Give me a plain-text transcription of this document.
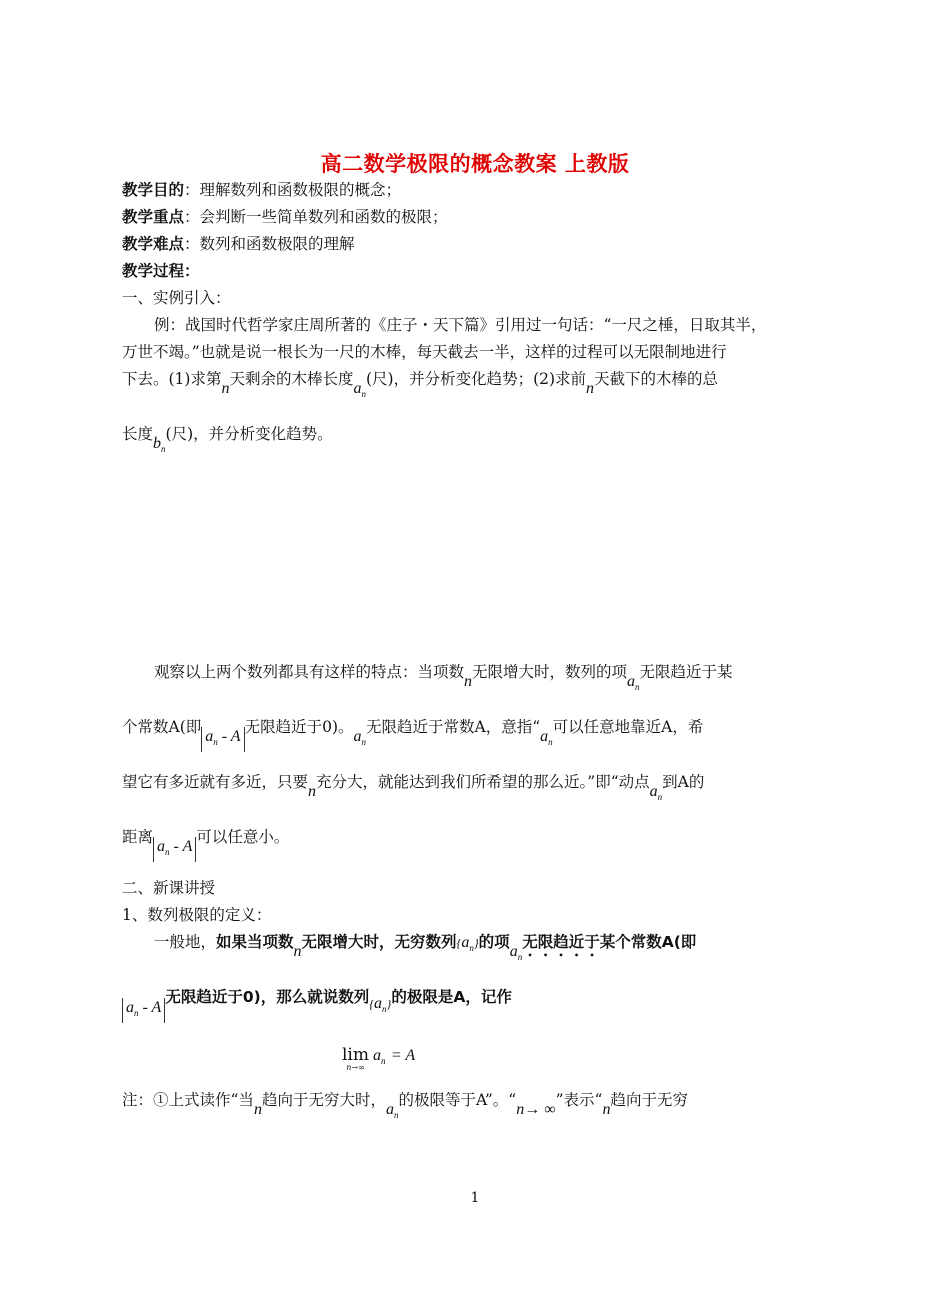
高二数学极限的概念教案 上教版
教学目的：理解数列和函数极限的概念；
教学重点：会判断一些简单数列和函数的极限；
教学难点：数列和函数极限的理解
教学过程：
一、实例引入：
例：战国时代哲学家庄周所著的《庄子・天下篇》引用过一句话：“一尺之棰，日取其半，
万世不竭。”也就是说一根长为一尺的木棒，每天截去一半，这样的过程可以无限制地进行
下去。(1)求第n天剩余的木棒长度$a_n$(尺)，并分析变化趋势；(2)求前n天截下的木棒的总
长度$b_n$(尺)，并分析变化趋势。
观察以上两个数列都具有这样的特点：当项数n无限增大时，数列的项$a_n$无限趋近于某
个常数A(即$a_n$ - A无限趋近于0)。$a_n$无限趋近于常数A，意指“$a_n$可以任意地靠近A，希
望它有多近就有多近，只要n充分大，就能达到我们所希望的那么近。”即“动点$a_n$到A的
距离$a_n$ - A可以任意小。
二、新课讲授
1、数列极限的定义：
一般地，如果当项数n无限增大时，无穷数列$\{a_n\}$的项$a_n$无限趋近于某个常数A(即
$a_n$ - A无限趋近于0)，那么就说数列$\{a_n\}$的极限是A，记作
lim
n→∞
$a_n = A$
注：①上式读作“当n趋向于无穷大时，$a_n$的极限等于A”。“n→ ∞”表示“n趋向于无穷
1
